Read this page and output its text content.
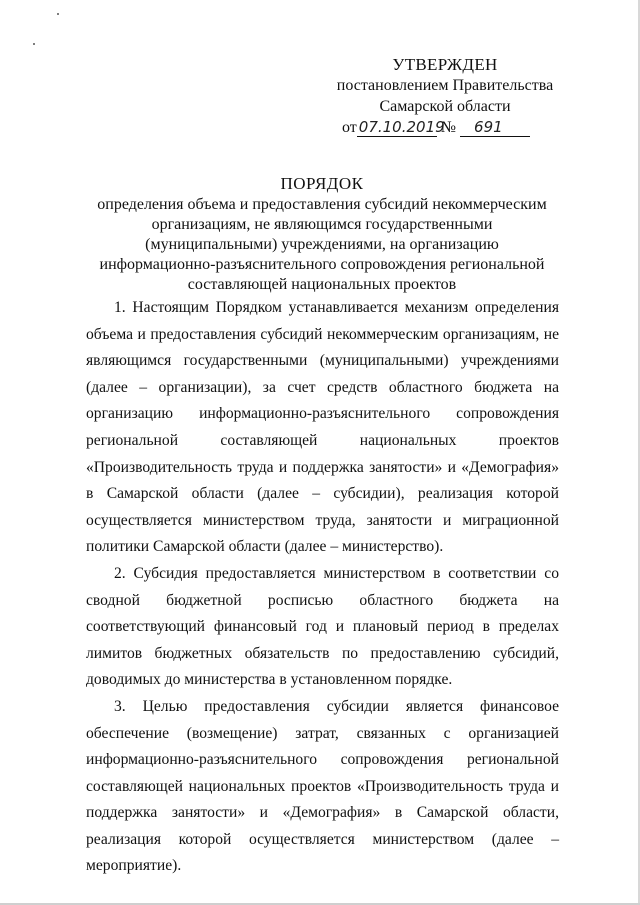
УТВЕРЖДЕН
постановлением Правительства
Самарской области
от 07.10.2019 № 691
ПОРЯДОК
определения объема и предоставления субсидий некоммерческим организациям, не являющимся государственными (муниципальными) учреждениями, на организацию информационно-разъяснительного сопровождения региональной составляющей национальных проектов

1. Настоящим Порядком устанавливается механизм определения объема и предоставления субсидий некоммерческим организациям, не являющимся государственными (муниципальными) учреждениями (далее – организации), за счет средств областного бюджета на организацию информационно-разъяснительного сопровождения региональной составляющей национальных проектов «Производительность труда и поддержка занятости» и «Демография» в Самарской области (далее – субсидии), реализация которой осуществляется министерством труда, занятости и миграционной политики Самарской области (далее – министерство).

2. Субсидия предоставляется министерством в соответствии со сводной бюджетной росписью областного бюджета на соответствующий финансовый год и плановый период в пределах лимитов бюджетных обязательств по предоставлению субсидий, доводимых до министерства в установленном порядке.

3. Целью предоставления субсидии является финансовое обеспечение (возмещение) затрат, связанных с организацией информационно-разъяснительного сопровождения региональной составляющей национальных проектов «Производительность труда и поддержка занятости» и «Демография» в Самарской области, реализация которой осуществляется министерством (далее – мероприятие).
